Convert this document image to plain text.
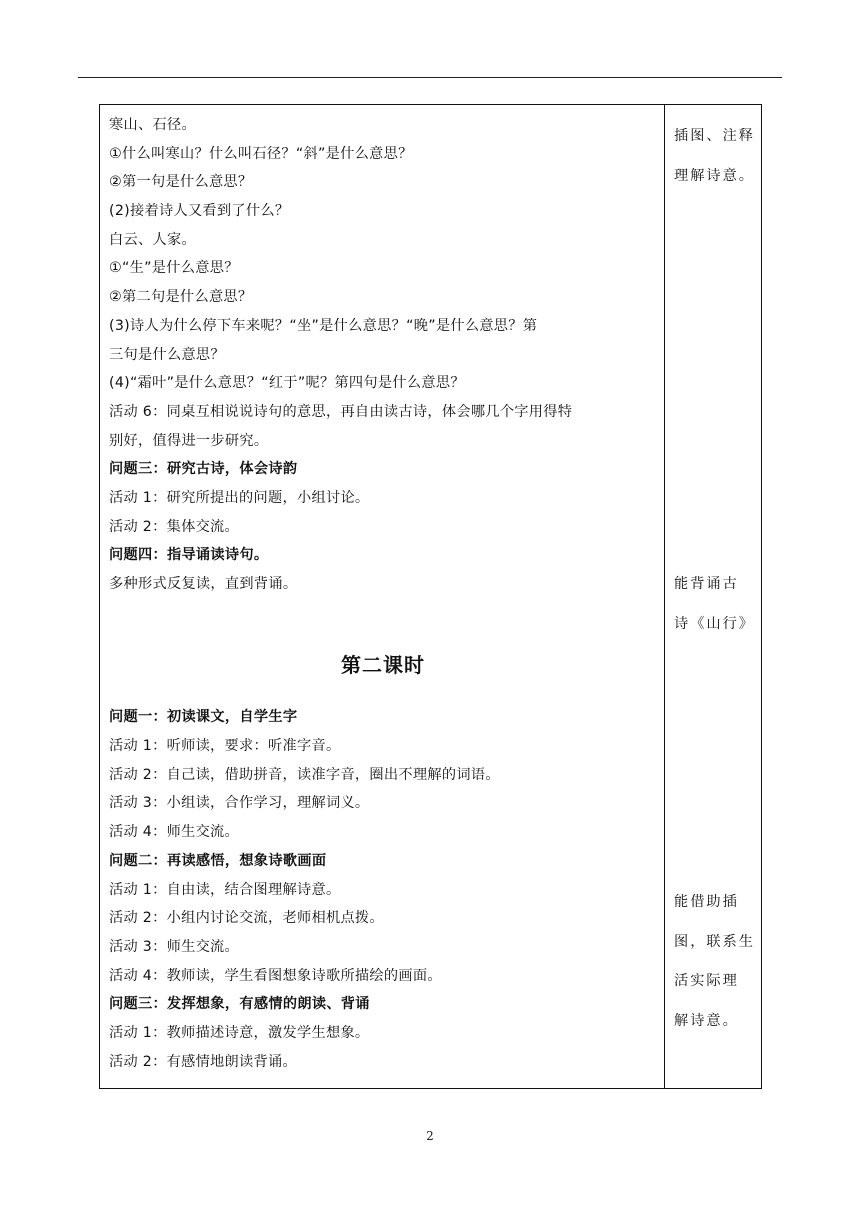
寒山、石径。
①什么叫寒山？什么叫石径？“斜”是什么意思？
②第一句是什么意思？
(2)接着诗人又看到了什么？
白云、人家。
①“生”是什么意思？
②第二句是什么意思？
(3)诗人为什么停下车来呢？“坐”是什么意思？“晚”是什么意思？第
三句是什么意思？
(4)“霜叶”是什么意思？“红于”呢？第四句是什么意思？
活动 6：同桌互相说说诗句的意思，再自由读古诗，体会哪几个字用得特
别好，值得进一步研究。
问题三：研究古诗，体会诗韵
活动 1：研究所提出的问题，小组讨论。
活动 2：集体交流。
问题四：指导诵读诗句。
多种形式反复读，直到背诵。
第二课时
问题一：初读课文，自学生字
活动 1：听师读，要求：听准字音。
活动 2：自己读，借助拼音，读准字音，圈出不理解的词语。
活动 3：小组读，合作学习，理解词义。
活动 4：师生交流。
问题二：再读感悟，想象诗歌画面
活动 1：自由读，结合图理解诗意。
活动 2：小组内讨论交流，老师相机点拨。
活动 3：师生交流。
活动 4：教师读，学生看图想象诗歌所描绘的画面。
问题三：发挥想象，有感情的朗读、背诵
活动 1：教师描述诗意，激发学生想象。
活动 2：有感情地朗读背诵。
插图、注释
理解诗意。
能背诵古
诗《山行》
能借助插
图，联系生
活实际理
解诗意。
2
